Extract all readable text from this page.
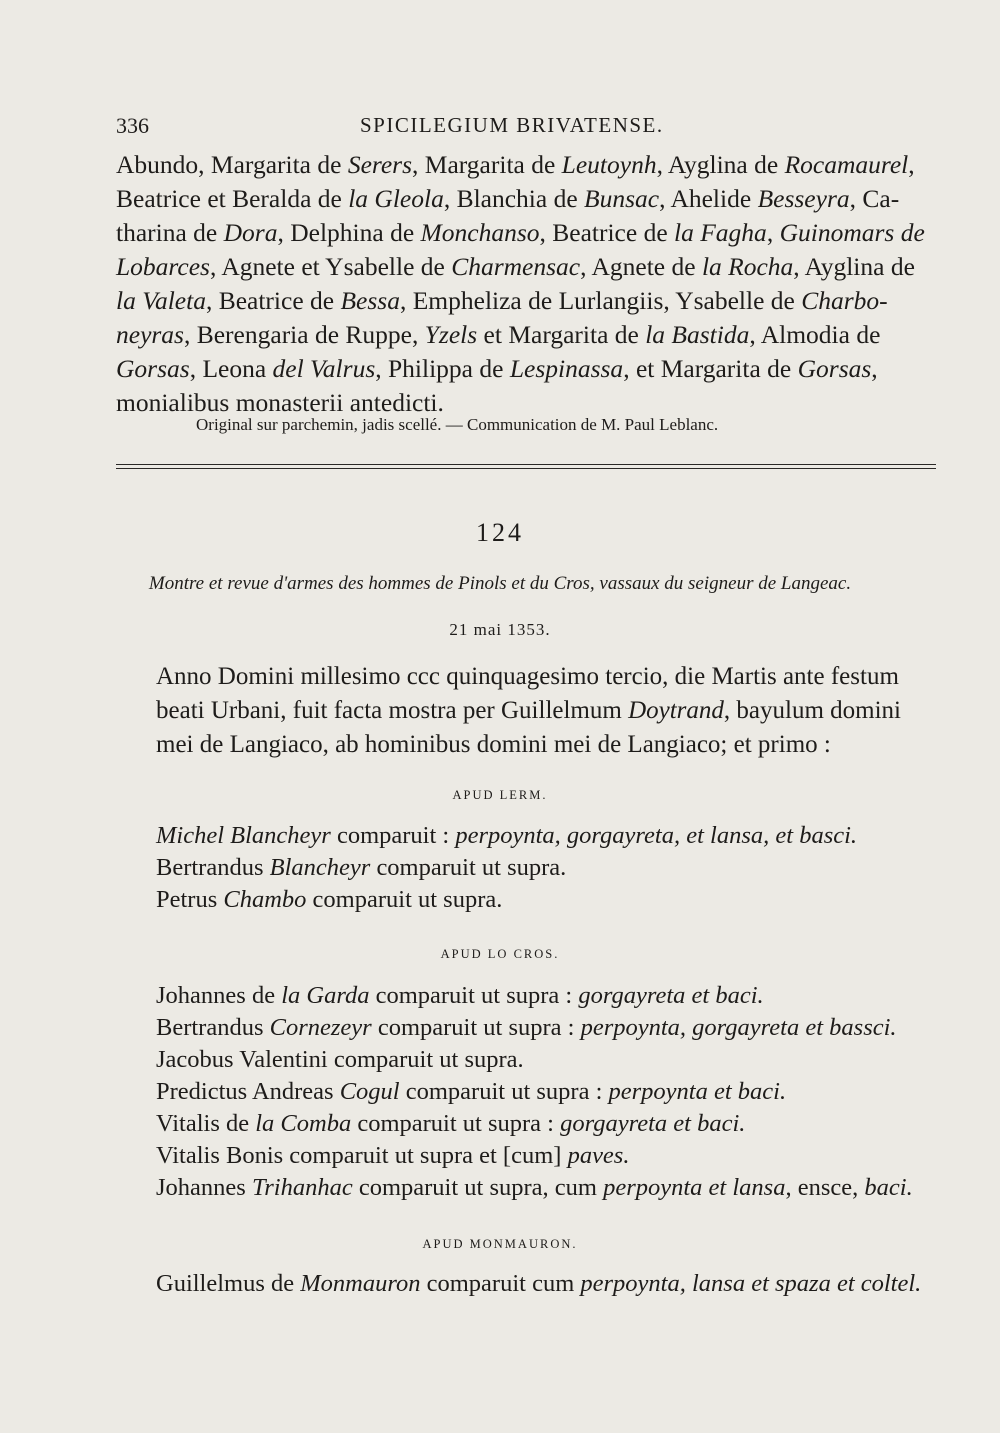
336	SPICILEGIUM BRIVATENSE.
Abundo, Margarita de Serers, Margarita de Leutoynh, Ayglina de Rocamaurel,
Beatrice et Beralda de la Gleola, Blanchia de Bunsac, Ahelide Besseyra, Ca-
tharina de Dora, Delphina de Monchanso, Beatrice de la Fagha, Guinomars de
Lobarces, Agnete et Ysabelle de Charmensac, Agnete de la Rocha, Ayglina de
la Valeta, Beatrice de Bessa, Empheliza de Lurlangiis, Ysabelle de Charbo-
neyras, Berengaria de Ruppe, Yzels et Margarita de la Bastida, Almodia de
Gorsas, Leona del Valrus, Philippa de Lespinassa, et Margarita de Gorsas,
monialibus monasterii antedicti.
Original sur parchemin, jadis scellé. — Communication de M. Paul Leblanc.
124
Montre et revue d'armes des hommes de Pinols et du Cros, vassaux du seigneur de Langeac.
21 mai 1353.
Anno Domini millesimo ccc quinquagesimo tercio, die Martis ante festum
beati Urbani, fuit facta mostra per Guillelmum Doytrand, bayulum domini
mei de Langiaco, ab hominibus domini mei de Langiaco; et primo :
APUD LERM.
Michel Blancheyr comparuit : perpoynta, gorgayreta, et lansa, et basci.
Bertrandus Blancheyr comparuit ut supra.
Petrus Chambo comparuit ut supra.
APUD LO CROS.
Johannes de la Garda comparuit ut supra : gorgayreta et baci.
Bertrandus Cornezeyr comparuit ut supra : perpoynta, gorgayreta et bassci.
Jacobus Valentini comparuit ut supra.
Predictus Andreas Cogul comparuit ut supra : perpoynta et baci.
Vitalis de la Comba comparuit ut supra : gorgayreta et baci.
Vitalis Bonis comparuit ut supra et [cum] paves.
Johannes Trihanhac comparuit ut supra, cum perpoynta et lansa, ensce, baci.
APUD MONMAURON.
Guillelmus de Monmauron comparuit cum perpoynta, lansa et spaza et coltel.
